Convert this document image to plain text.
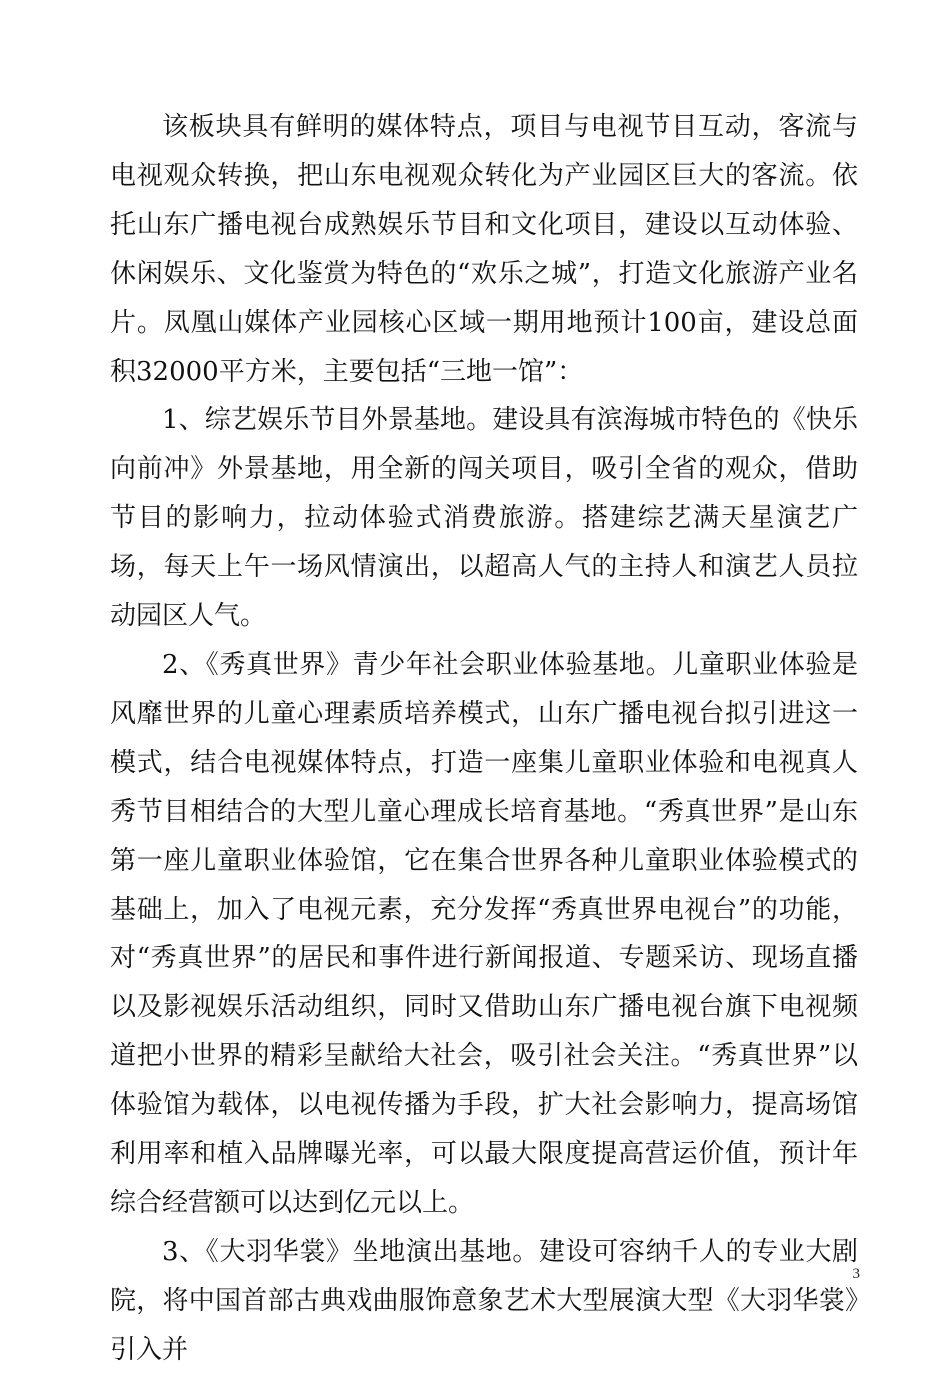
该板块具有鲜明的媒体特点，项目与电视节目互动，客流与电视观众转换，把山东电视观众转化为产业园区巨大的客流。依托山东广播电视台成熟娱乐节目和文化项目，建设以互动体验、休闲娱乐、文化鉴赏为特色的“欢乐之城”，打造文化旅游产业名片。凤凰山媒体产业园核心区域一期用地预计100亩，建设总面积32000平方米，主要包括“三地一馆”：

1、综艺娱乐节目外景基地。建设具有滨海城市特色的《快乐向前冲》外景基地，用全新的闯关项目，吸引全省的观众，借助节目的影响力，拉动体验式消费旅游。搭建综艺满天星演艺广场，每天上午一场风情演出，以超高人气的主持人和演艺人员拉动园区人气。

2、《秀真世界》青少年社会职业体验基地。儿童职业体验是风靡世界的儿童心理素质培养模式，山东广播电视台拟引进这一模式，结合电视媒体特点，打造一座集儿童职业体验和电视真人秀节目相结合的大型儿童心理成长培育基地。“秀真世界”是山东第一座儿童职业体验馆，它在集合世界各种儿童职业体验模式的基础上，加入了电视元素，充分发挥“秀真世界电视台”的功能，对“秀真世界”的居民和事件进行新闻报道、专题采访、现场直播以及影视娱乐活动组织，同时又借助山东广播电视台旗下电视频道把小世界的精彩呈献给大社会，吸引社会关注。“秀真世界”以体验馆为载体，以电视传播为手段，扩大社会影响力，提高场馆利用率和植入品牌曝光率，可以最大限度提高营运价值，预计年综合经营额可以达到亿元以上。

3、《大羽华裳》坐地演出基地。建设可容纳千人的专业大剧院，将中国首部古典戏曲服饰意象艺术大型展演大型《大羽华裳》引入并

3
